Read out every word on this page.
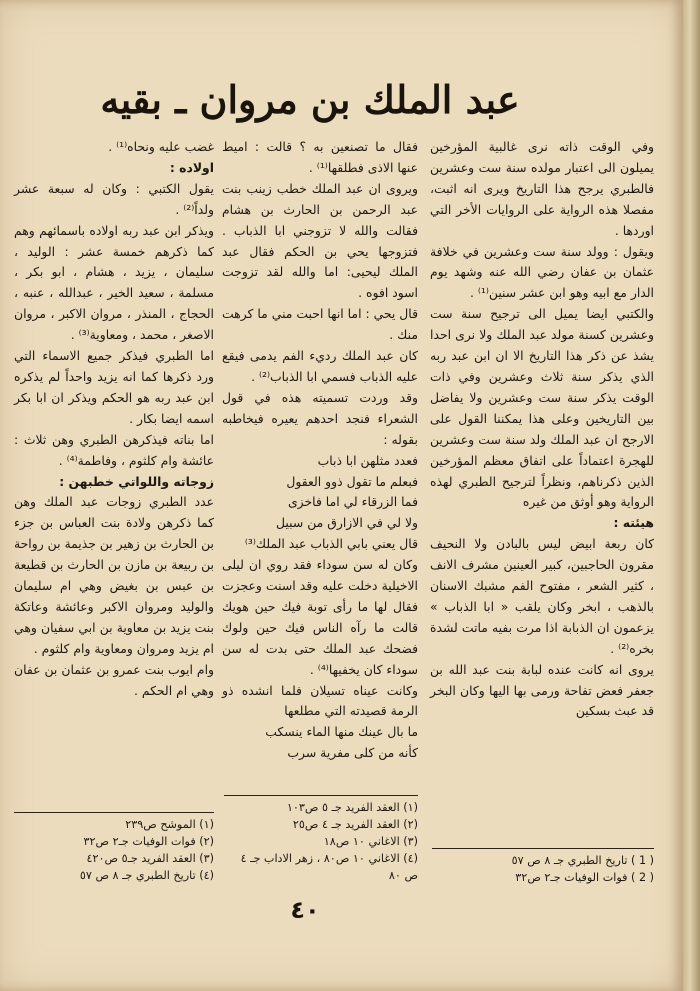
عبد الملك بن مروان ـ بقيه

وفي الوقت ذاته نرى غالبية المؤرخين يميلون الى اعتبار مولده سنة ست وعشرين فالطبري يرجح هذا التاريخ ويرى انه اثبت، مفصلا هذه الرواية على الروايات الأخر التي اوردها .

ويقول : وولد سنة ست وعشرين في خلافة عثمان بن عفان رضي الله عنه وشهد يوم الدار مع ابيه وهو ابن عشر سنين⁽¹⁾ .

والكتبي ايضا يميل الى ترجيح سنة ست وعشرين كسنة مولد عبد الملك ولا نرى احدا يشذ عن ذكر هذا التاريخ الا ان ابن عبد ربه الذي يذكر سنة ثلاث وعشرين وفي ذات الوقت يذكر سنة ست وعشرين ولا يفاضل بين التاريخين وعلى هذا يمكننا القول على الارجح ان عبد الملك ولد سنة ست وعشرين للهجرة اعتماداً على اتفاق معظم المؤرخين الذين ذكرناهم، ونظراً لترجيح الطبري لهذه الرواية وهو أوثق من غيره

هيئته :

كان ربعة ابيض ليس بالبادن ولا النحيف مقرون الحاجبين، كبير العينين مشرف الانف ، كثير الشعر ، مفتوح الفم مشبك الاسنان بالذهب ، ابخر وكان يلقب « ابا الذباب » يزعمون ان الذبابة اذا مرت بفيه ماتت لشدة بخره⁽²⁾ .

يروى انه كانت عنده لبابة بنت عبد الله بن جعفر فعض تفاحة ورمى بها اليها وكان البخر قد عبث بسكين

فقال ما تصنعين به ؟ قالت : اميط عنها الاذى فطلقها⁽¹⁾ .

ويروى ان عبد الملك خطب زينب بنت عبد الرحمن بن الحارث بن هشام فقالت والله لا تزوجني ابا الذباب . فتزوجها يحي بن الحكم فقال عبد الملك ليحيى: اما والله لقد تزوجت اسود افوه .

قال يحي : اما انها احبت مني ما كرهت منك .

كان عبد الملك رديء الفم يدمى فيقع عليه الذباب فسمي ابا الذباب⁽²⁾ .

وقد وردت تسميته هذه في قول الشعراء فنجد احدهم يعيره فيخاطبه بقوله :

فعدد مثلهن ابا ذباب

فبعلم ما تقول ذوو العقول

فما الزرقاء لي اما فاخزى

ولا لي في الازارق من سبيل

قال يعني بابي الذباب عبد الملك⁽³⁾

وكان له سن سوداء فقد روي ان ليلى الاخيلية دخلت عليه وقد اسنت وعجزت فقال لها ما رأى توبة فيك حين هويك قالت ما رآه الناس فيك حين ولوك فضحك عبد الملك حتى بدت له سن سوداء كان يخفيها⁽⁴⁾ .

وكانت عيناه تسيلان فلما انشده ذو الرمة قصيدته التي مطلعها

ما بال عينك منها الماء ينسكب

كأنه من كلى مفرية سرب

غضب عليه ونحاه⁽¹⁾ .

اولاده :

يقول الكتبي : وكان له سبعة عشر ولداً⁽²⁾ .

ويذكر ابن عبد ربه اولاده باسمائهم وهم كما ذكرهم خمسة عشر : الوليد ، سليمان ، يزيد ، هشام ، ابو بكر ، مسلمة ، سعيد الخير ، عبدالله ، عنبه ، الحجاج ، المنذر ، مروان الاكبر ، مروان الاصغر ، محمد ، ومعاوية⁽³⁾ .

اما الطبري فيذكر جميع الاسماء التي ورد ذكرها كما انه يزيد واحداً لم يذكره ابن عبد ربه هو الحكم ويذكر ان ابا بكر اسمه ايضا بكار .

اما بناته فيذكرهن الطبري وهن ثلاث : عائشة وام كلثوم ، وفاطمة⁽⁴⁾ .

زوجاته واللواتي خطبهن :

عدد الطبري زوجات عبد الملك وهن كما ذكرهن ولادة بنت العباس بن جزء بن الحارث بن زهير بن جذيمة بن رواحة بن ربيعة بن مازن بن الحارث بن قطيعة بن عبس بن بغيض وهي ام سليمان والوليد ومروان الاكبر وعائشة وعاتكة بنت يزيد بن معاوية بن ابي سفيان وهي ام يزيد ومروان ومعاوية وام كلثوم .

وام ايوب بنت عمرو بن عثمان بن عفان وهي ام الحكم .

( 1 ) تاريخ الطبري جـ ٨ ص ٥٧

( 2 ) فوات الوفيات جـ٢ ص٣٢

(١) العقد الفريد جـ ٥ ص١٠٣

(٢) العقد الفريد جـ ٤ ص٢٥

(٣) الاغاني ١٠ ص١٨

(٤) الاغاني ١٠ ص٨٠ ، زهر الاداب جـ ٤ ص ٨٠

(١) الموشح ص٢٣٩

(٢) فوات الوفيات جـ٢ ص٣٢

(٣) العقد الفريد جـ٥ ص٤٢٠

(٤) تاريخ الطبري جـ ٨ ص ٥٧

٤٠
